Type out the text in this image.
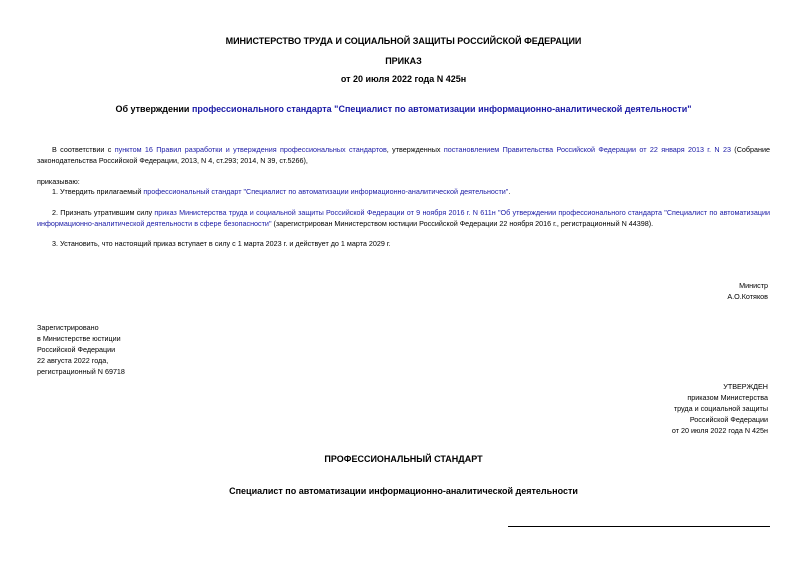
МИНИСТЕРСТВО ТРУДА И СОЦИАЛЬНОЙ ЗАЩИТЫ РОССИЙСКОЙ ФЕДЕРАЦИИ
ПРИКАЗ
от 20 июля 2022 года N 425н
Об утверждении профессионального стандарта "Специалист по автоматизации информационно-аналитической деятельности"
В соответствии с пунктом 16 Правил разработки и утверждения профессиональных стандартов, утвержденных постановлением Правительства Российской Федерации от 22 января 2013 г. N 23 (Собрание законодательства Российской Федерации, 2013, N 4, ст.293; 2014, N 39, ст.5266),
приказываю:
1. Утвердить прилагаемый профессиональный стандарт "Специалист по автоматизации информационно-аналитической деятельности".
2. Признать утратившим силу приказ Министерства труда и социальной защиты Российской Федерации от 9 ноября 2016 г. N 611н "Об утверждении профессионального стандарта "Специалист по автоматизации информационно-аналитической деятельности в сфере безопасности" (зарегистрирован Министерством юстиции Российской Федерации 22 ноября 2016 г., регистрационный N 44398).
3. Установить, что настоящий приказ вступает в силу с 1 марта 2023 г. и действует до 1 марта 2029 г.
Министр
А.О.Котяков
Зарегистрировано
в Министерстве юстиции
Российской Федерации
22 августа 2022 года,
регистрационный N 69718
УТВЕРЖДЕН
приказом Министерства
труда и социальной защиты
Российской Федерации
от 20 июля 2022 года N 425н
ПРОФЕССИОНАЛЬНЫЙ СТАНДАРТ
Специалист по автоматизации информационно-аналитической деятельности
